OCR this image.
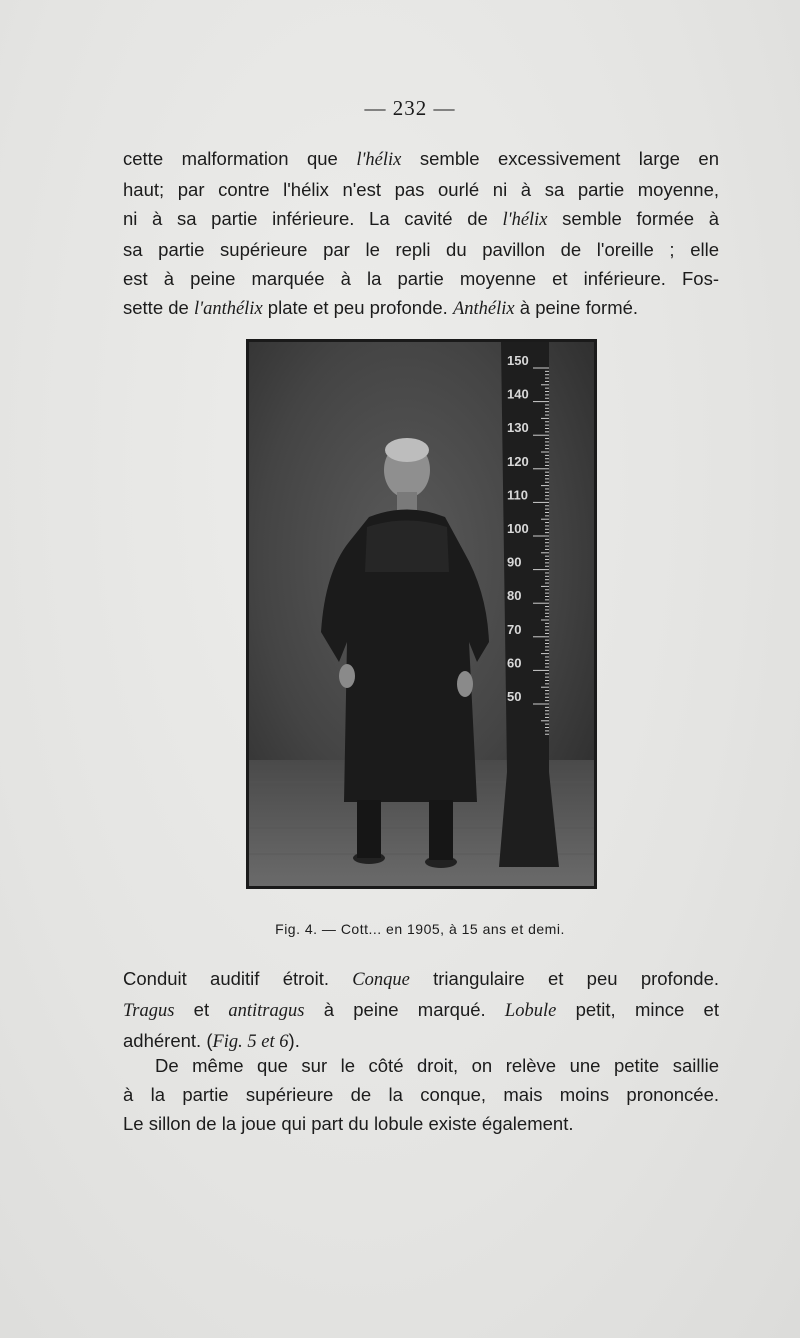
— 232 —
cette malformation que l'hélix semble excessivement large en
haut; par contre l'hélix n'est pas ourlé ni à sa partie moyenne,
ni à sa partie inférieure. La cavité de l'hélix semble formée à
sa partie supérieure par le repli du pavillon de l'oreille ; elle
est à peine marquée à la partie moyenne et inférieure. Fos-
sette de l'anthélix plate et peu profonde. Anthélix à peine formé.
150
140
130
120
110
100
90
80
70
60
50
Fig. 4. — Cott... en 1905, à 15 ans et demi.
Conduit auditif étroit. Conque triangulaire et peu profonde.
Tragus et antitragus à peine marqué. Lobule petit, mince et
adhérent. (Fig. 5 et 6).
De même que sur le côté droit, on relève une petite saillie
à la partie supérieure de la conque, mais moins prononcée.
Le sillon de la joue qui part du lobule existe également.
